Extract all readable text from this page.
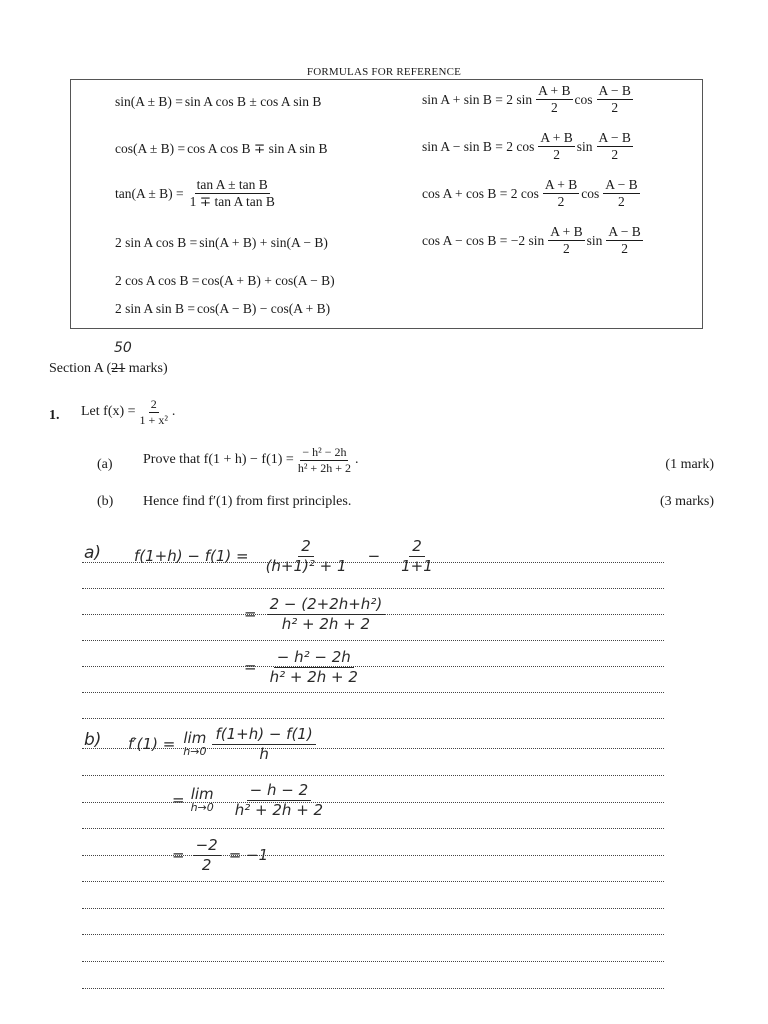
FORMULAS FOR REFERENCE
sin(A ± B) = sin A cos B ± cos A sin B
cos(A ± B) = cos A cos B ∓ sin A sin B
$\tan(A \pm B) = \frac{\text{tan A ± tan B}}{\text{1 ∓ tan A tan B}}$
2 sin A cos B = sin(A + B) + sin(A − B)
2 cos A cos B = cos(A + B) + cos(A − B)
2 sin A sin B = cos(A − B) − cos(A + B)
sin A + sin B = 2 $\sin \frac{A + B}{2}$ $\cos \frac{A - B}{2}$
sin A − sin B = 2 $\cos \frac{A + B}{2}$ $\sin \frac{A - B}{2}$
cos A + cos B = 2 $\cos \frac{A + B}{2}$ $\cos \frac{A - B}{2}$
cos A − cos B = −2 $\sin \frac{A + B}{2}$ $\sin \frac{A - B}{2}$
50
Section A (21 marks)
1. Let $f(x) = \frac{2}{\text{1 + x²}}$ .
(a) Prove that $f(1 + h) - f(1) = \frac{\text{− h² − 2h}}{\text{h² + 2h + 2}}$ .	(1 mark)
(b) Hence find f′(1) from first principles.	(3 marks)
a) $f(1+h) - f(1) = \frac{2}{\text{(h+1)² + 1}} - \frac{2}{1+1}$
= $\frac{\text{2 − (2+2h+h²)}}{\text{h² + 2h + 2}}$
= $\frac{\text{− h² − 2h}}{\text{h² + 2h + 2}}$
b) f′(1) = lim
$h\to 0 \frac{f(1+h) - f(1)}{h}$
= lim
$h\to 0 \frac{- h - 2}{\text{h² + 2h + 2}}$
= $\frac{-2}{2} = -1$
